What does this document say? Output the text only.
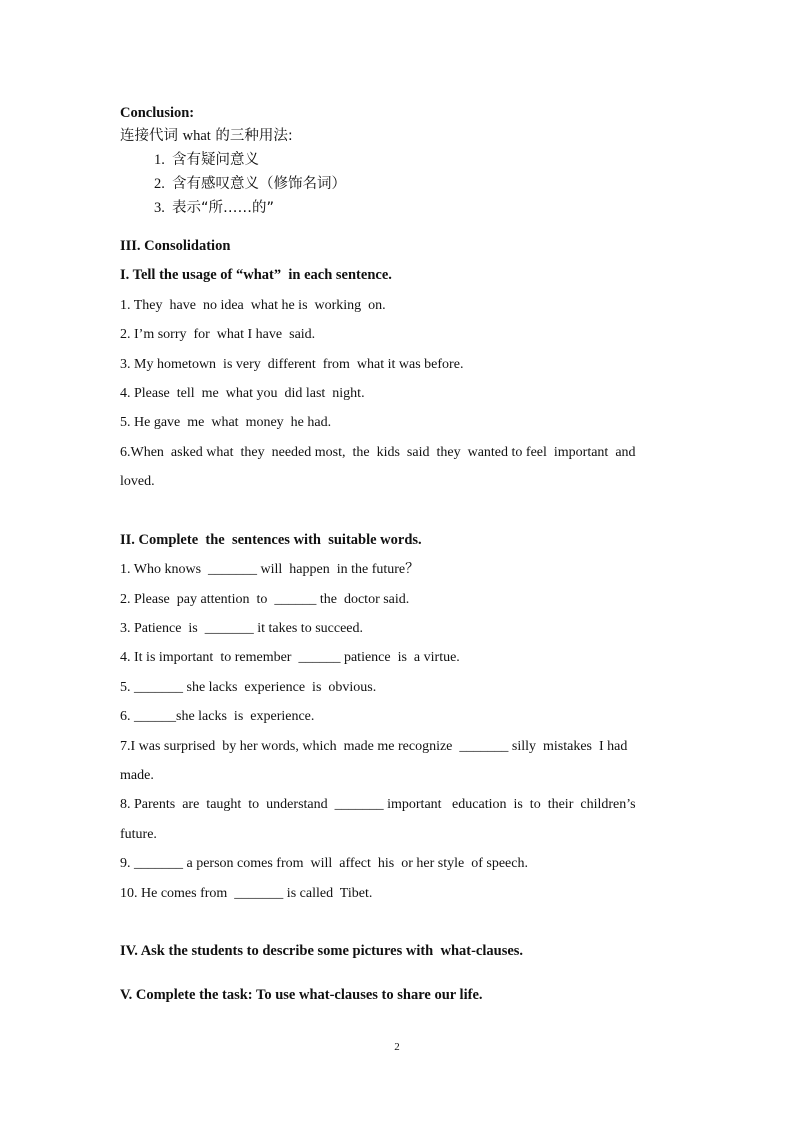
Conclusion:
连接代词 what 的三种用法:
1. 含有疑问意义
2. 含有感叹意义（修饰名词）
3. 表示“所……的”
III. Consolidation
I. Tell the usage of “what”  in each sentence.
1. They  have  no idea  what he is  working  on.
2. I’m sorry  for  what I have  said.
3. My hometown  is very  different  from  what it was before.
4. Please  tell  me  what you  did last  night.
5. He gave  me  what  money  he had.
6.When  asked what  they  needed most,  the  kids  said  they  wanted to feel  important  and
loved.
II. Complete  the  sentences with  suitable words.
1. Who knows  _______ will  happen  in the future？
2. Please  pay attention  to  ______ the  doctor said.
3. Patience  is  _______ it takes to succeed.
4. It is important  to remember  ______ patience  is  a virtue.
5. _______ she lacks  experience  is  obvious.
6. ______she lacks  is  experience.
7.I was surprised  by her words, which  made me recognize  _______ silly  mistakes  I had
made.
8. Parents  are  taught  to  understand  _______ important   education  is  to  their  children’s
future.
9. _______ a person comes from  will  affect  his  or her style  of speech.
10. He comes from  _______ is called  Tibet.
IV. Ask the students to describe some pictures with  what-clauses.
V. Complete the task: To use what-clauses to share our life.
2
